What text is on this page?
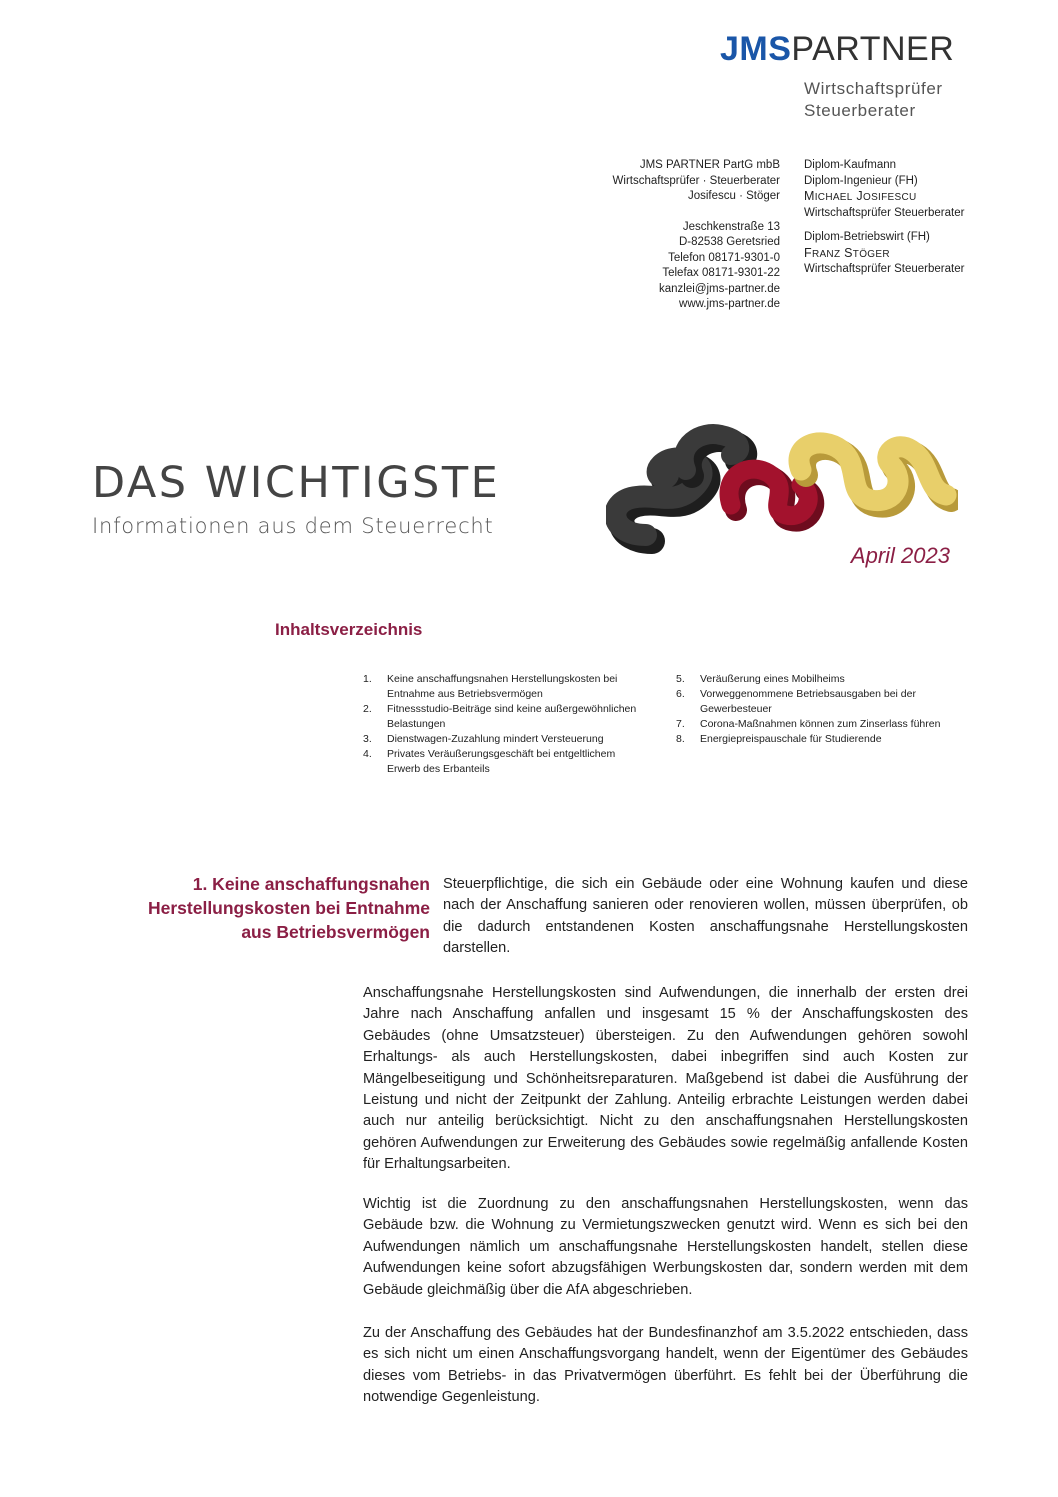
JMSPARTNER
Wirtschaftsprüfer
Steuerberater
JMS PARTNER PartG mbB
Wirtschaftsprüfer · Steuerberater
Josifescu · Stöger
Jeschkenstraße 13
D-82538 Geretsried
Telefon 08171-9301-0
Telefax 08171-9301-22
kanzlei@jms-partner.de
www.jms-partner.de
Diplom-Kaufmann
Diplom-Ingenieur (FH)
MICHAEL JOSIFESCU
Wirtschaftsprüfer Steuerberater
Diplom-Betriebswirt (FH)
FRANZ STÖGER
Wirtschaftsprüfer Steuerberater
DAS WICHTIGSTE
Informationen aus dem Steuerrecht
April 2023
Inhaltsverzeichnis
1.	Keine anschaffungsnahen Herstellungskosten bei Entnahme aus Betriebsvermögen
2.	Fitnessstudio-Beiträge sind keine außergewöhnlichen Belastungen
3.	Dienstwagen-Zuzahlung mindert Versteuerung
4.	Privates Veräußerungsgeschäft bei entgeltlichem Erwerb des Erbanteils
5.	Veräußerung eines Mobilheims
6.	Vorweggenommene Betriebsausgaben bei der Gewerbesteuer
7.	Corona-Maßnahmen können zum Zinserlass führen
8.	Energiepreispauschale für Studierende
1. Keine anschaffungsnahen
Herstellungskosten bei Entnahme
aus Betriebsvermögen
Steuerpflichtige, die sich ein Gebäude oder eine Wohnung kaufen und diese nach der Anschaffung sanieren oder renovieren wollen, müssen überprüfen, ob die dadurch entstandenen Kosten anschaffungsnahe Herstellungskosten darstellen.
Anschaffungsnahe Herstellungskosten sind Aufwendungen, die innerhalb der ersten drei Jahre nach Anschaffung anfallen und insgesamt 15 % der Anschaffungskosten des Gebäudes (ohne Umsatzsteuer) übersteigen. Zu den Aufwendungen gehören sowohl Erhaltungs- als auch Herstellungskosten, dabei inbegriffen sind auch Kosten zur Mängelbeseitigung und Schönheitsreparaturen. Maßgebend ist dabei die Ausführung der Leistung und nicht der Zeitpunkt der Zahlung. Anteilig erbrachte Leistungen werden dabei auch nur anteilig berücksichtigt. Nicht zu den anschaffungsnahen Herstellungskosten gehören Aufwendungen zur Erweiterung des Gebäudes sowie regelmäßig anfallende Kosten für Erhaltungsarbeiten.
Wichtig ist die Zuordnung zu den anschaffungsnahen Herstellungskosten, wenn das Gebäude bzw. die Wohnung zu Vermietungszwecken genutzt wird. Wenn es sich bei den Aufwendungen nämlich um anschaffungsnahe Herstellungskosten handelt, stellen diese Aufwendungen keine sofort abzugsfähigen Werbungskosten dar, sondern werden mit dem Gebäude gleichmäßig über die AfA abgeschrieben.
Zu der Anschaffung des Gebäudes hat der Bundesfinanzhof am 3.5.2022 entschieden, dass es sich nicht um einen Anschaffungsvorgang handelt, wenn der Eigentümer des Gebäudes dieses vom Betriebs- in das Privatvermögen überführt. Es fehlt bei der Überführung die notwendige Gegenleistung.
